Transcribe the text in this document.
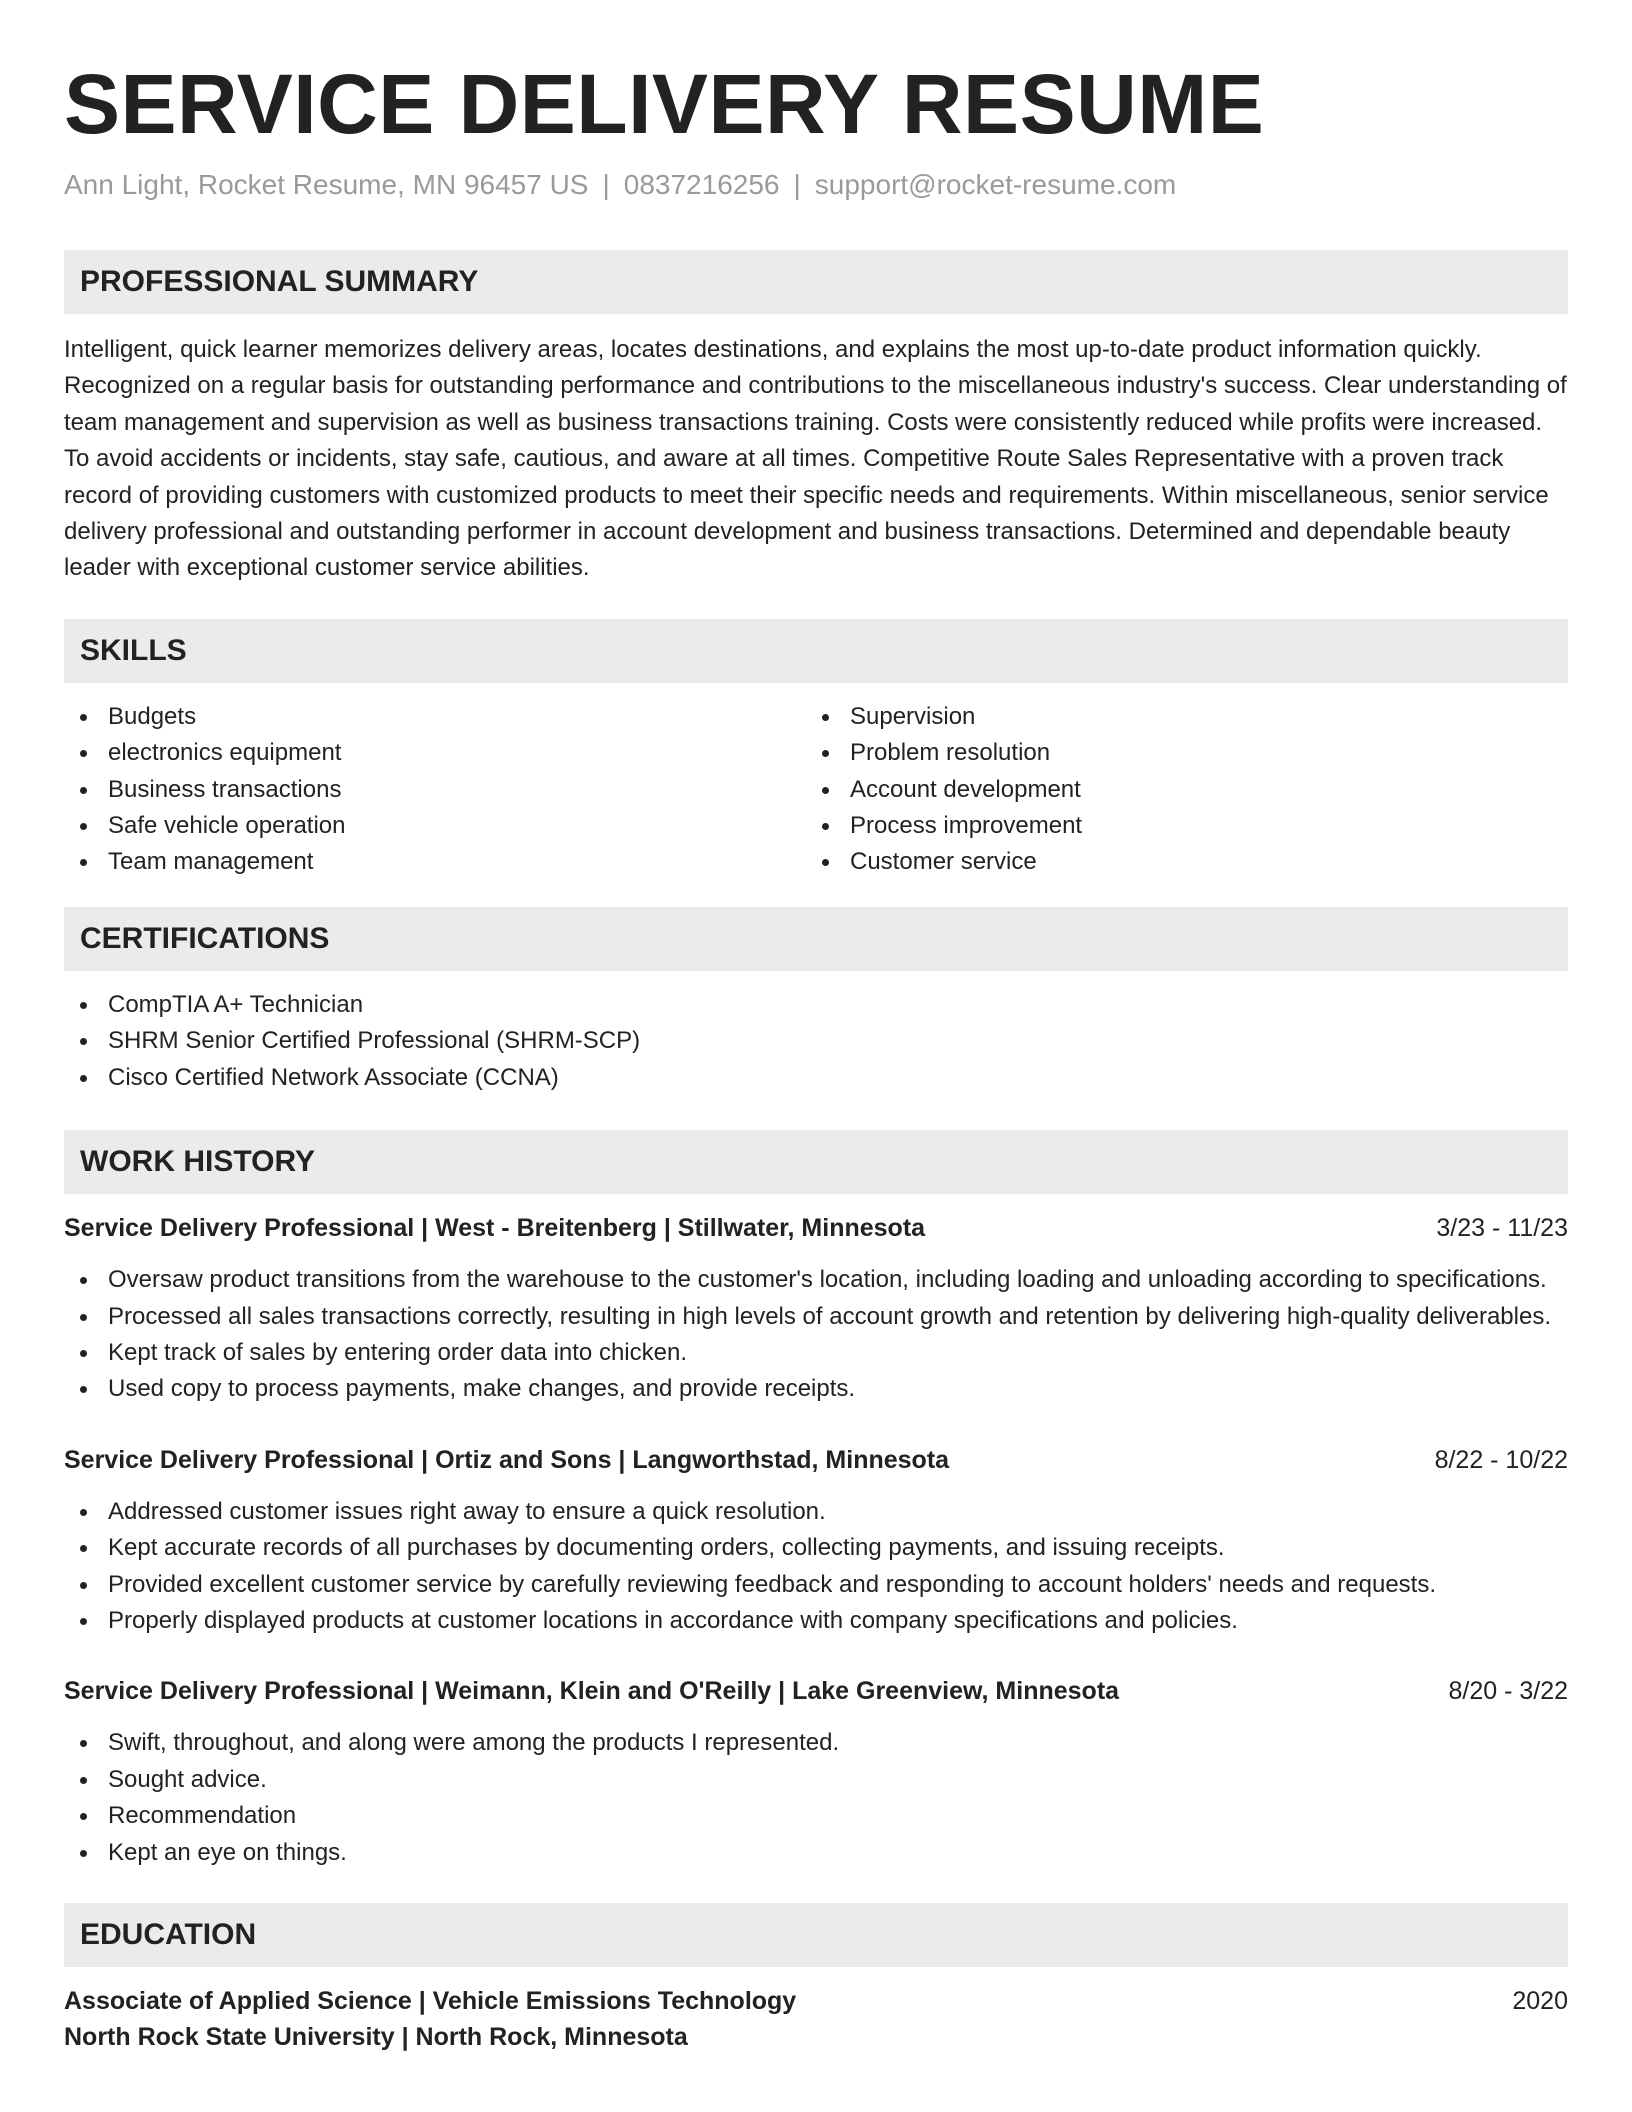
SERVICE DELIVERY RESUME
Ann Light, Rocket Resume, MN 96457 US | 0837216256 | support@rocket-resume.com
PROFESSIONAL SUMMARY

Intelligent, quick learner memorizes delivery areas, locates destinations, and explains the most up-to-date product information quickly. Recognized on a regular basis for outstanding performance and contributions to the miscellaneous industry's success. Clear understanding of team management and supervision as well as business transactions training. Costs were consistently reduced while profits were increased. To avoid accidents or incidents, stay safe, cautious, and aware at all times. Competitive Route Sales Representative with a proven track record of providing customers with customized products to meet their specific needs and requirements. Within miscellaneous, senior service delivery professional and outstanding performer in account development and business transactions. Determined and dependable beauty leader with exceptional customer service abilities.

SKILLS
Budgets
electronics equipment
Business transactions
Safe vehicle operation
Team management
Supervision
Problem resolution
Account development
Process improvement
Customer service
CERTIFICATIONS
CompTIA A+ Technician
SHRM Senior Certified Professional (SHRM-SCP)
Cisco Certified Network Associate (CCNA)
WORK HISTORY
Service Delivery Professional | West - Breitenberg | Stillwater, Minnesota	3/23 - 11/23
Oversaw product transitions from the warehouse to the customer's location, including loading and unloading according to specifications.
Processed all sales transactions correctly, resulting in high levels of account growth and retention by delivering high-quality deliverables.
Kept track of sales by entering order data into chicken.
Used copy to process payments, make changes, and provide receipts.
Service Delivery Professional | Ortiz and Sons | Langworthstad, Minnesota	8/22 - 10/22
Addressed customer issues right away to ensure a quick resolution.
Kept accurate records of all purchases by documenting orders, collecting payments, and issuing receipts.
Provided excellent customer service by carefully reviewing feedback and responding to account holders' needs and requests.
Properly displayed products at customer locations in accordance with company specifications and policies.
Service Delivery Professional | Weimann, Klein and O'Reilly | Lake Greenview, Minnesota	8/20 - 3/22
Swift, throughout, and along were among the products I represented.
Sought advice.
Recommendation
Kept an eye on things.
EDUCATION
Associate of Applied Science | Vehicle Emissions Technology	2020
North Rock State University | North Rock, Minnesota
